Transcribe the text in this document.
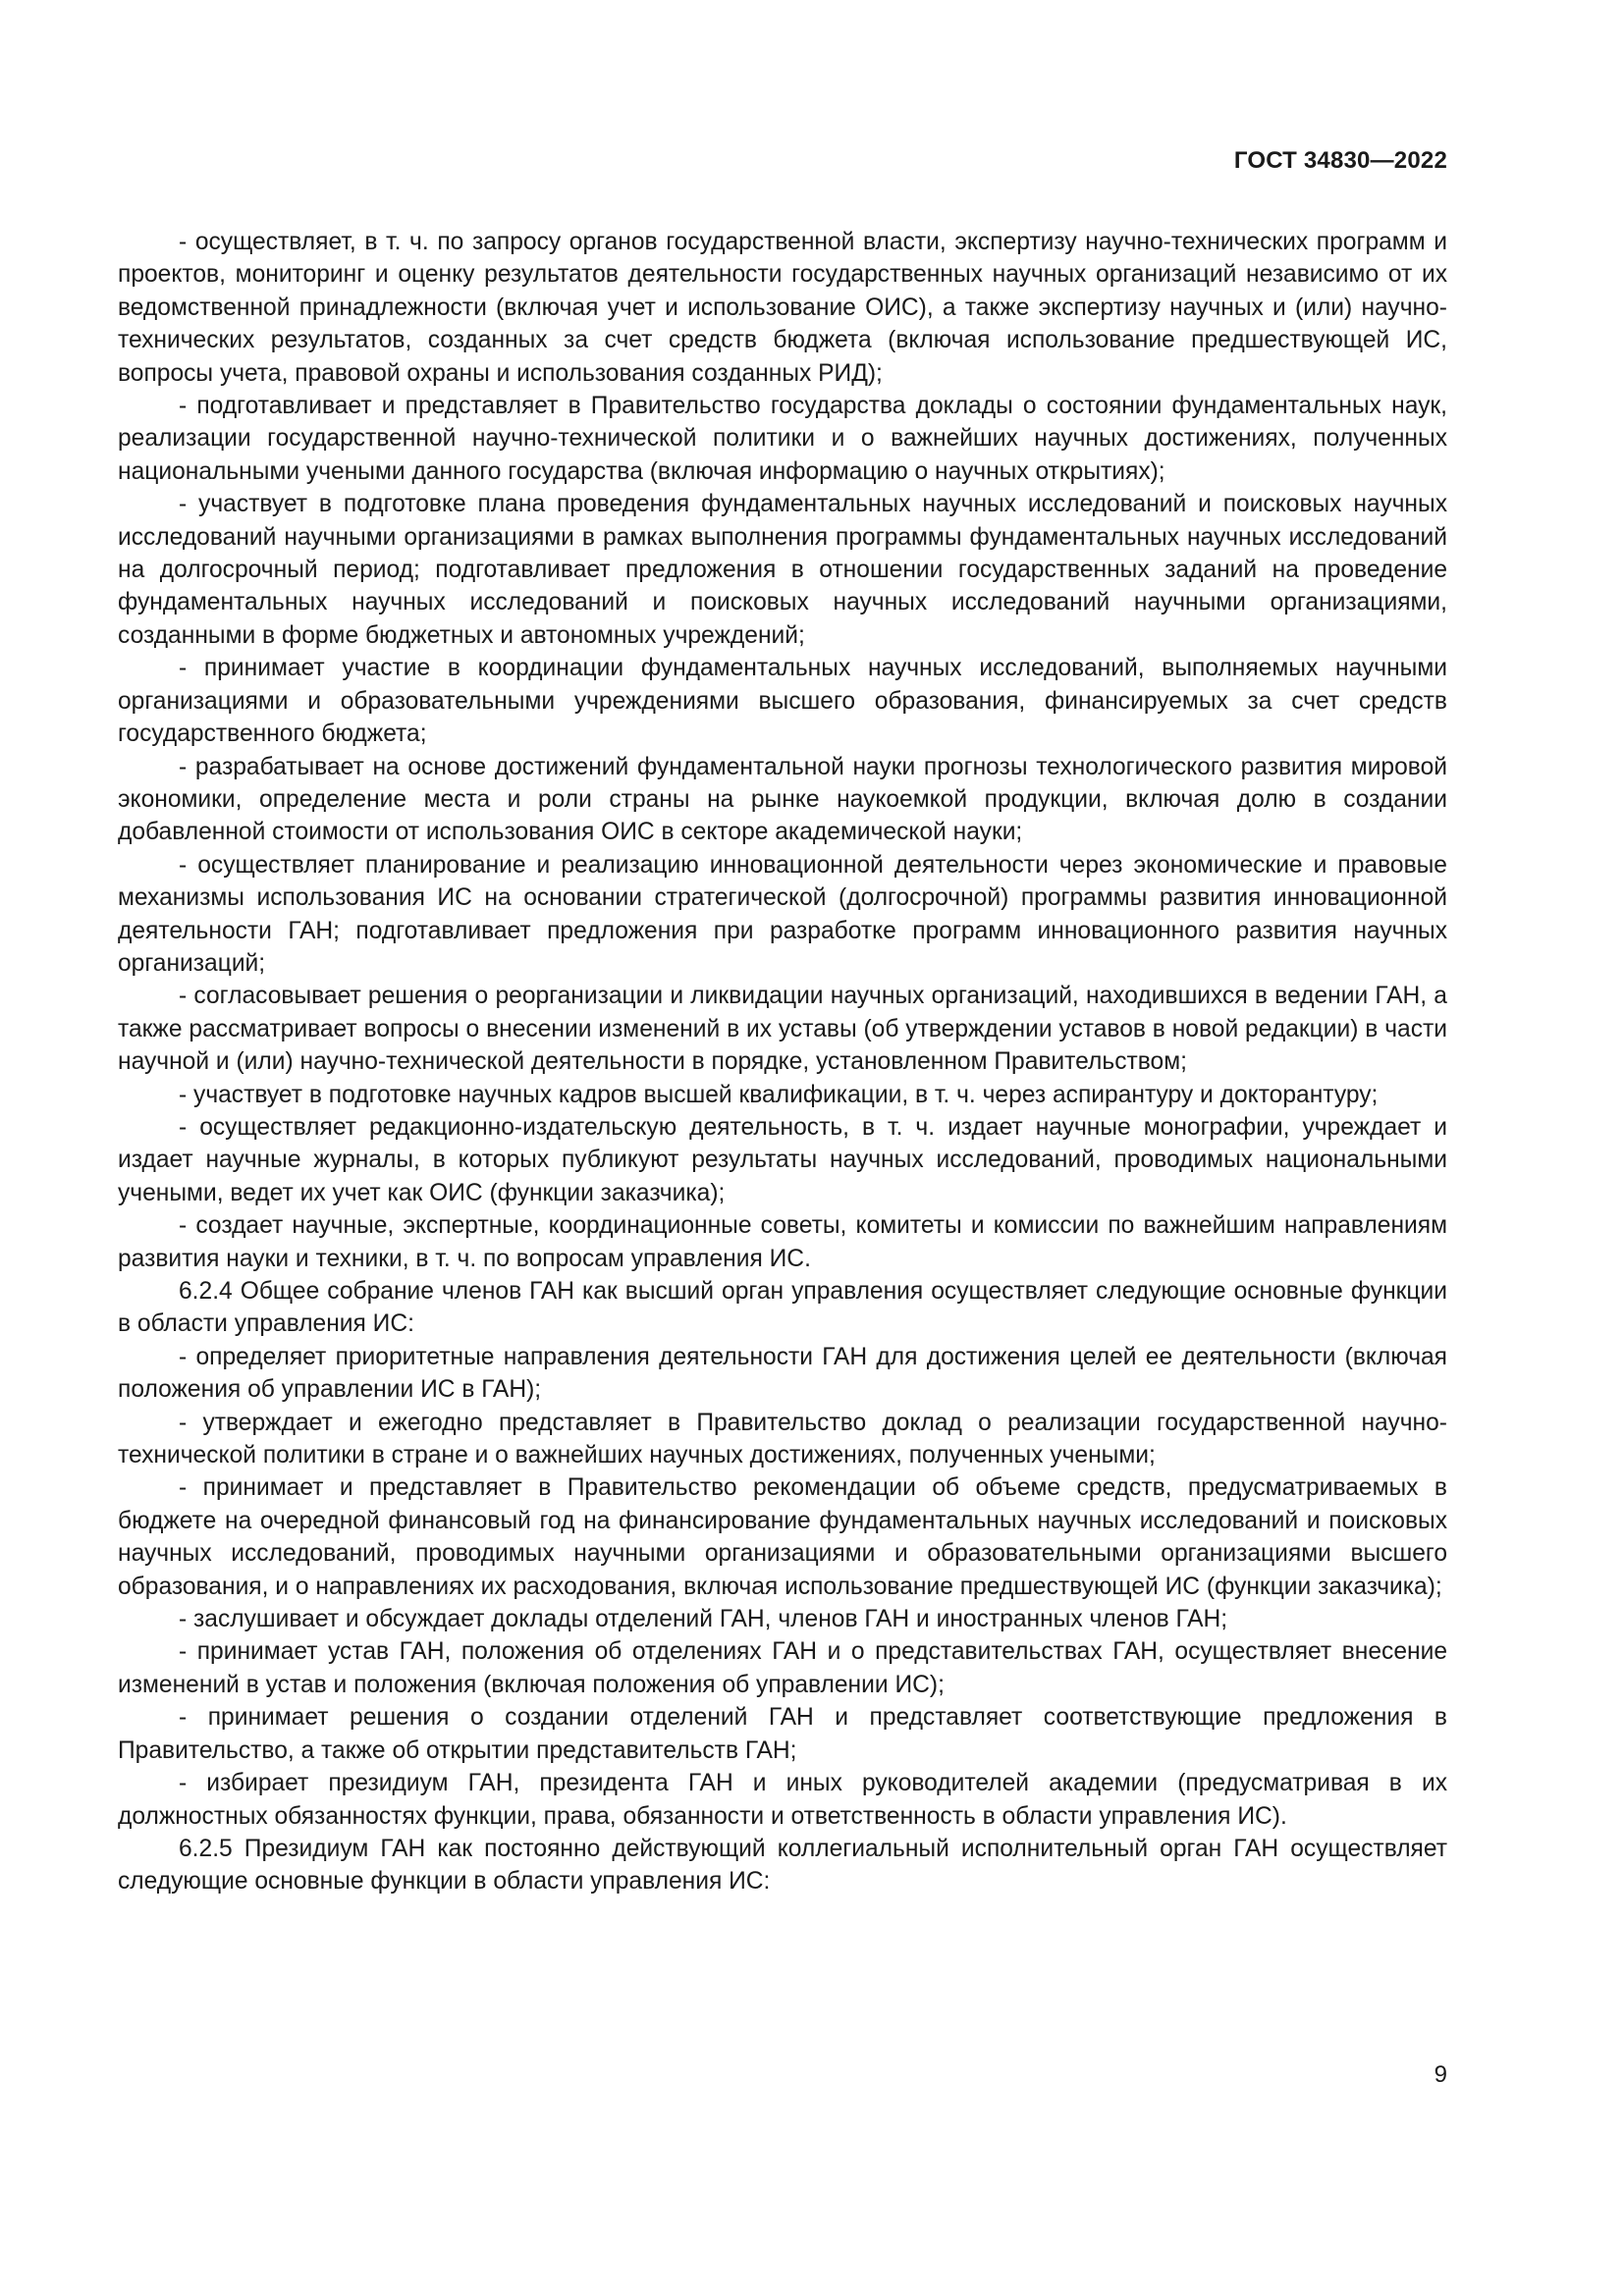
ГОСТ 34830—2022

- осуществляет, в т. ч. по запросу органов государственной власти, экспертизу научно-технических программ и проектов, мониторинг и оценку результатов деятельности государственных научных организаций независимо от их ведомственной принадлежности (включая учет и использование ОИС), а также экспертизу научных и (или) научно-технических результатов, созданных за счет средств бюджета (включая использование предшествующей ИС, вопросы учета, правовой охраны и использования созданных РИД);

- подготавливает и представляет в Правительство государства доклады о состоянии фундаментальных наук, реализации государственной научно-технической политики и о важнейших научных достижениях, полученных национальными учеными данного государства (включая информацию о научных открытиях);

- участвует в подготовке плана проведения фундаментальных научных исследований и поисковых научных исследований научными организациями в рамках выполнения программы фундаментальных научных исследований на долгосрочный период; подготавливает предложения в отношении государственных заданий на проведение фундаментальных научных исследований и поисковых научных исследований научными организациями, созданными в форме бюджетных и автономных учреждений;

- принимает участие в координации фундаментальных научных исследований, выполняемых научными организациями и образовательными учреждениями высшего образования, финансируемых за счет средств государственного бюджета;

- разрабатывает на основе достижений фундаментальной науки прогнозы технологического развития мировой экономики, определение места и роли страны на рынке наукоемкой продукции, включая долю в создании добавленной стоимости от использования ОИС в секторе академической науки;

- осуществляет планирование и реализацию инновационной деятельности через экономические и правовые механизмы использования ИС на основании стратегической (долгосрочной) программы развития инновационной деятельности ГАН; подготавливает предложения при разработке программ инновационного развития научных организаций;

- согласовывает решения о реорганизации и ликвидации научных организаций, находившихся в ведении ГАН, а также рассматривает вопросы о внесении изменений в их уставы (об утверждении уставов в новой редакции) в части научной и (или) научно-технической деятельности в порядке, установленном Правительством;

- участвует в подготовке научных кадров высшей квалификации, в т. ч. через аспирантуру и докторантуру;

- осуществляет редакционно-издательскую деятельность, в т. ч. издает научные монографии, учреждает и издает научные журналы, в которых публикуют результаты научных исследований, проводимых национальными учеными, ведет их учет как ОИС (функции заказчика);

- создает научные, экспертные, координационные советы, комитеты и комиссии по важнейшим направлениям развития науки и техники, в т. ч. по вопросам управления ИС.

6.2.4 Общее собрание членов ГАН как высший орган управления осуществляет следующие основные функции в области управления ИС:

- определяет приоритетные направления деятельности ГАН для достижения целей ее деятельности (включая положения об управлении ИС в ГАН);

- утверждает и ежегодно представляет в Правительство доклад о реализации государственной научно-технической политики в стране и о важнейших научных достижениях, полученных учеными;

- принимает и представляет в Правительство рекомендации об объеме средств, предусматриваемых в бюджете на очередной финансовый год на финансирование фундаментальных научных исследований и поисковых научных исследований, проводимых научными организациями и образовательными организациями высшего образования, и о направлениях их расходования, включая использование предшествующей ИС (функции заказчика);

- заслушивает и обсуждает доклады отделений ГАН, членов ГАН и иностранных членов ГАН;

- принимает устав ГАН, положения об отделениях ГАН и о представительствах ГАН, осуществляет внесение изменений в устав и положения (включая положения об управлении ИС);

- принимает решения о создании отделений ГАН и представляет соответствующие предложения в Правительство, а также об открытии представительств ГАН;

- избирает президиум ГАН, президента ГАН и иных руководителей академии (предусматривая в их должностных обязанностях функции, права, обязанности и ответственность в области управления ИС).

6.2.5 Президиум ГАН как постоянно действующий коллегиальный исполнительный орган ГАН осуществляет следующие основные функции в области управления ИС:

9
